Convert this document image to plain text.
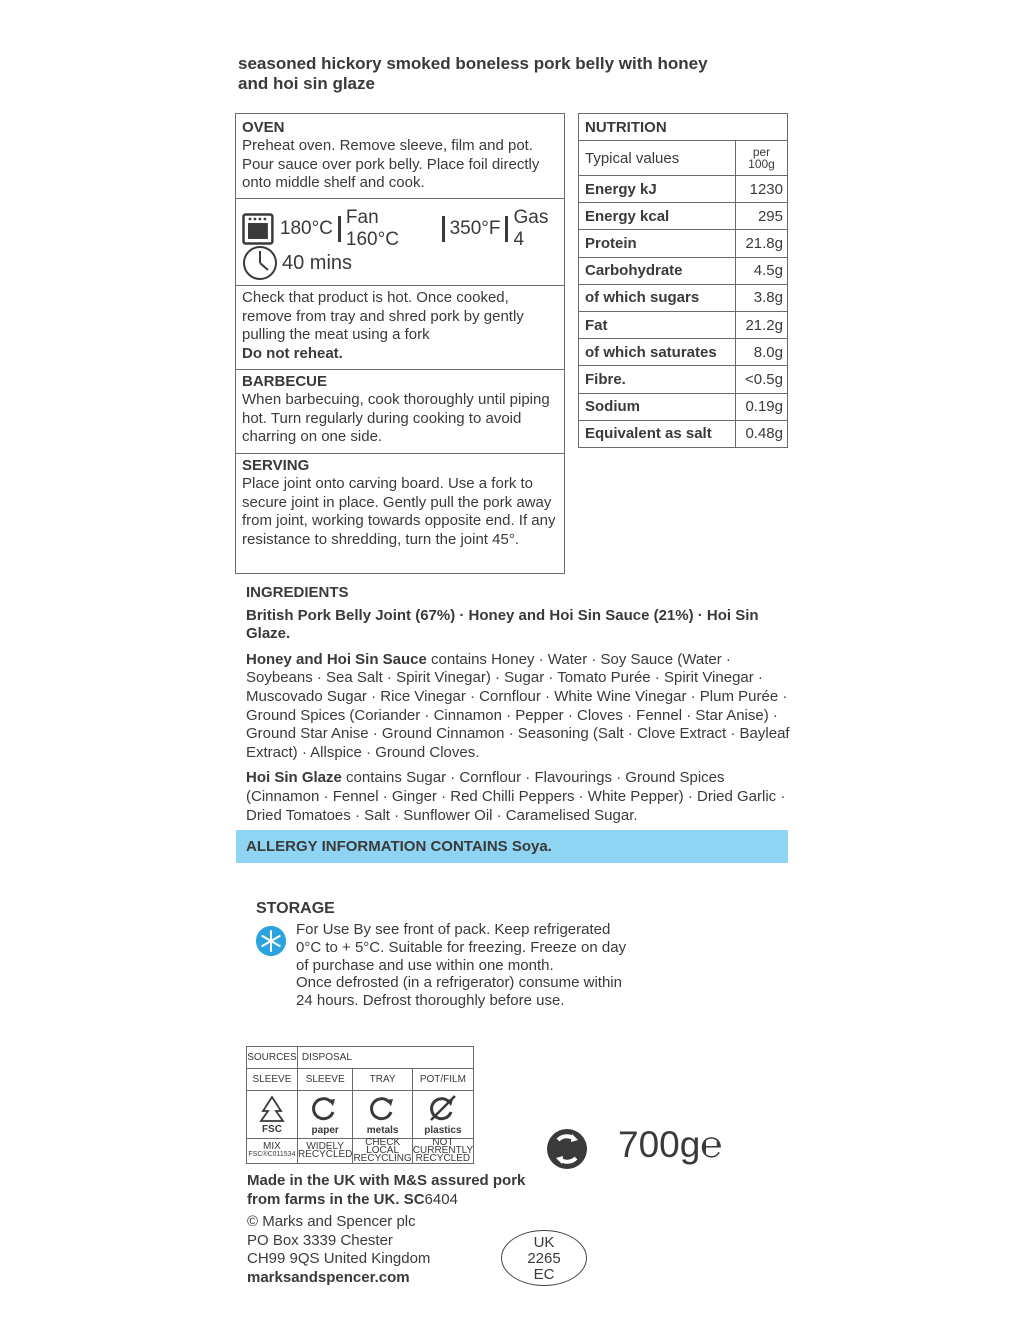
seasoned hickory smoked boneless pork belly with honey and hoi sin glaze
OVEN
Preheat oven. Remove sleeve, film and pot. Pour sauce over pork belly. Place foil directly onto middle shelf and cook.
180°C
Fan 160°C
350°F
Gas 4
40 mins
Check that product is hot. Once cooked, remove from tray and shred pork by gently pulling the meat using a fork
Do not reheat.
BARBECUE
When barbecuing, cook thoroughly until piping hot. Turn regularly during cooking to avoid charring on one side.
SERVING
Place joint onto carving board. Use a fork to secure joint in place. Gently pull the pork away from joint, working towards opposite end. If any resistance to shredding, turn the joint 45°.
NUTRITION	
Typical values	per
100g

Energy kJ	1230
Energy kcal	295
Protein	21.8g
Carbohydrate	4.5g
of which sugars	3.8g
Fat	21.2g
of which saturates	8.0g
Fibre.	<0.5g
Sodium	0.19g
Equivalent as salt	0.48g
INGREDIENTS

British Pork Belly Joint (67%) · Honey and Hoi Sin Sauce (21%) · Hoi Sin Glaze.

Honey and Hoi Sin Sauce contains Honey · Water · Soy Sauce (Water · Soybeans · Sea Salt · Spirit Vinegar) · Sugar · Tomato Purée · Spirit Vinegar · Muscovado Sugar · Rice Vinegar · Cornflour · White Wine Vinegar · Plum Purée · Ground Spices (Coriander · Cinnamon · Pepper · Cloves · Fennel · Star Anise) · Ground Star Anise · Ground Cinnamon · Seasoning (Salt · Clove Extract · Bayleaf Extract) · Allspice · Ground Cloves.

Hoi Sin Glaze contains Sugar · Cornflour · Flavourings · Ground Spices (Cinnamon · Fennel · Ginger · Red Chilli Peppers · White Pepper) · Dried Garlic · Dried Tomatoes · Salt · Sunflower Oil · Caramelised Sugar.

ALLERGY INFORMATION CONTAINS Soya.
STORAGE
For Use By see front of pack. Keep refrigerated
0°C to + 5°C. Suitable for freezing. Freeze on day
of purchase and use within one month.
Once defrosted (in a refrigerator) consume within
24 hours. Defrost thoroughly before use.
SOURCES	DISPOSAL		
SLEEVE	SLEEVE	TRAY	POT/FILM

FSC	paper	metals	plastics

MIX
FSC®C011534	WIDELY RECYCLED	CHECK LOCAL RECYCLING	NOT CURRENTLY RECYCLED	700g℮
Made in the UK with M&S assured pork from farms in the UK. SC6404
© Marks and Spencer plc
PO Box 3339 Chester
CH99 9QS United Kingdom
marksandspencer.com
UK
2265
EC
